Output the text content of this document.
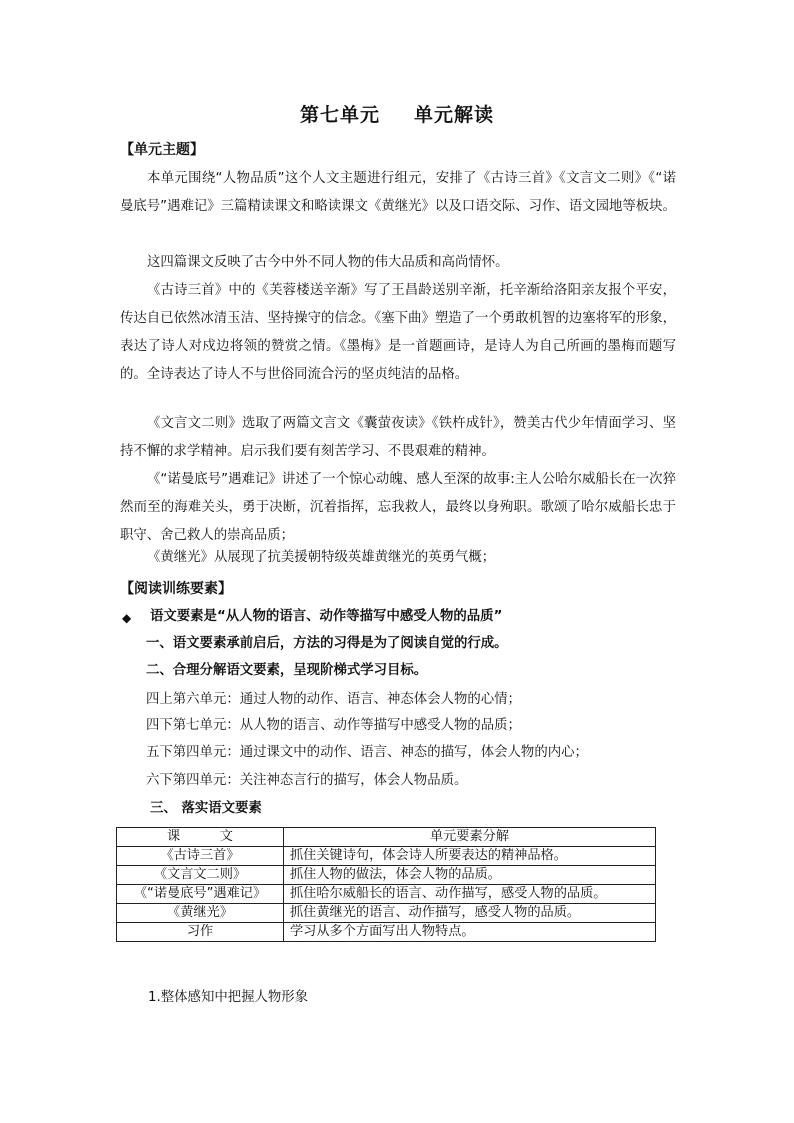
第七单元 单元解读
【单元主题】

本单元围绕“人物品质”这个人文主题进行组元，安排了《古诗三首》《文言文二则》《“诺曼底号”遇难记》三篇精读课文和略读课文《黄继光》以及口语交际、习作、语文园地等板块。

这四篇课文反映了古今中外不同人物的伟大品质和高尚情怀。

《古诗三首》中的《芙蓉楼送辛渐》写了王昌龄送别辛渐，托辛渐给洛阳亲友报个平安，传达自已依然冰清玉洁、坚持操守的信念。《塞下曲》塑造了一个勇敢机智的边塞将军的形象，表达了诗人对戍边将领的赞赏之情。《墨梅》是一首题画诗，是诗人为自己所画的墨梅而题写的。全诗表达了诗人不与世俗同流合污的坚贞纯洁的品格。

《文言文二则》选取了两篇文言文《囊萤夜读》《铁杵成针》，赞美古代少年情面学习、坚持不懈的求学精神。启示我们要有刻苦学习、不畏艰难的精神。

《“诺曼底号”遇难记》讲述了一个惊心动魄、感人至深的故事:主人公哈尔威船长在一次猝然而至的海难关头，勇于决断，沉着指挥，忘我救人，最终以身殉职。歌颂了哈尔威船长忠于职守、舍己救人的崇高品质；

《黄继光》从展现了抗美援朝特级英雄黄继光的英勇气概；

【阅读训练要素】
◆ 语文要素是“从人物的语言、动作等描写中感受人物的品质”
一、语文要素承前启后，方法的习得是为了阅读自觉的行成。
二、合理分解语文要素，呈现阶梯式学习目标。
四上第六单元：通过人物的动作、语言、神态体会人物的心情；
四下第七单元：从人物的语言、动作等描写中感受人物的品质；
五下第四单元：通过课文中的动作、语言、神态的描写，体会人物的内心；
六下第四单元：关注神态言行的描写，体会人物品质。
三、 落实语文要素
课　　　文	单元要素分解
《古诗三首》	抓住关键诗句，体会诗人所要表达的精神品格。
《文言文二则》	抓住人物的做法，体会人物的品质。
《“诺曼底号”遇难记》	抓住哈尔威船长的语言、动作描写，感受人物的品质。
《黄继光》	抓住黄继光的语言、动作描写，感受人物的品质。
习作	学习从多个方面写出人物特点。
1.整体感知中把握人物形象
